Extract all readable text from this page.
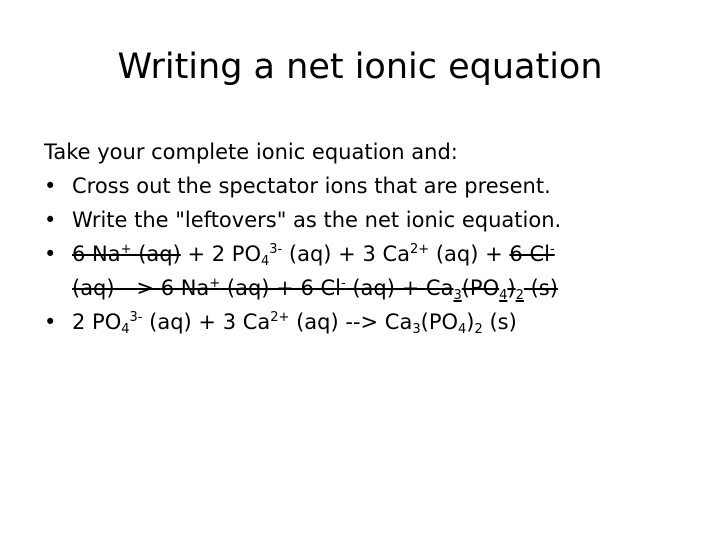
Writing a net ionic equation
Take your complete ionic equation and:
• Cross out the spectator ions that are present.
• Write the "leftovers" as the net ionic equation.
• 6 Na+ (aq) + 2 $PO_4^{3-}$ (aq) + 3 $Ca^{2+}$ (aq) + 6 Cl-
(aq) --> 6 Na+ (aq) + 6 Cl- $(aq) + Ca_3(PO_4)_2$ (s)
• 2 $PO_4^{3-}$ (aq) + 3 $Ca^{2+}$ (aq) --> $Ca_3(PO_4)_2$ (s)
